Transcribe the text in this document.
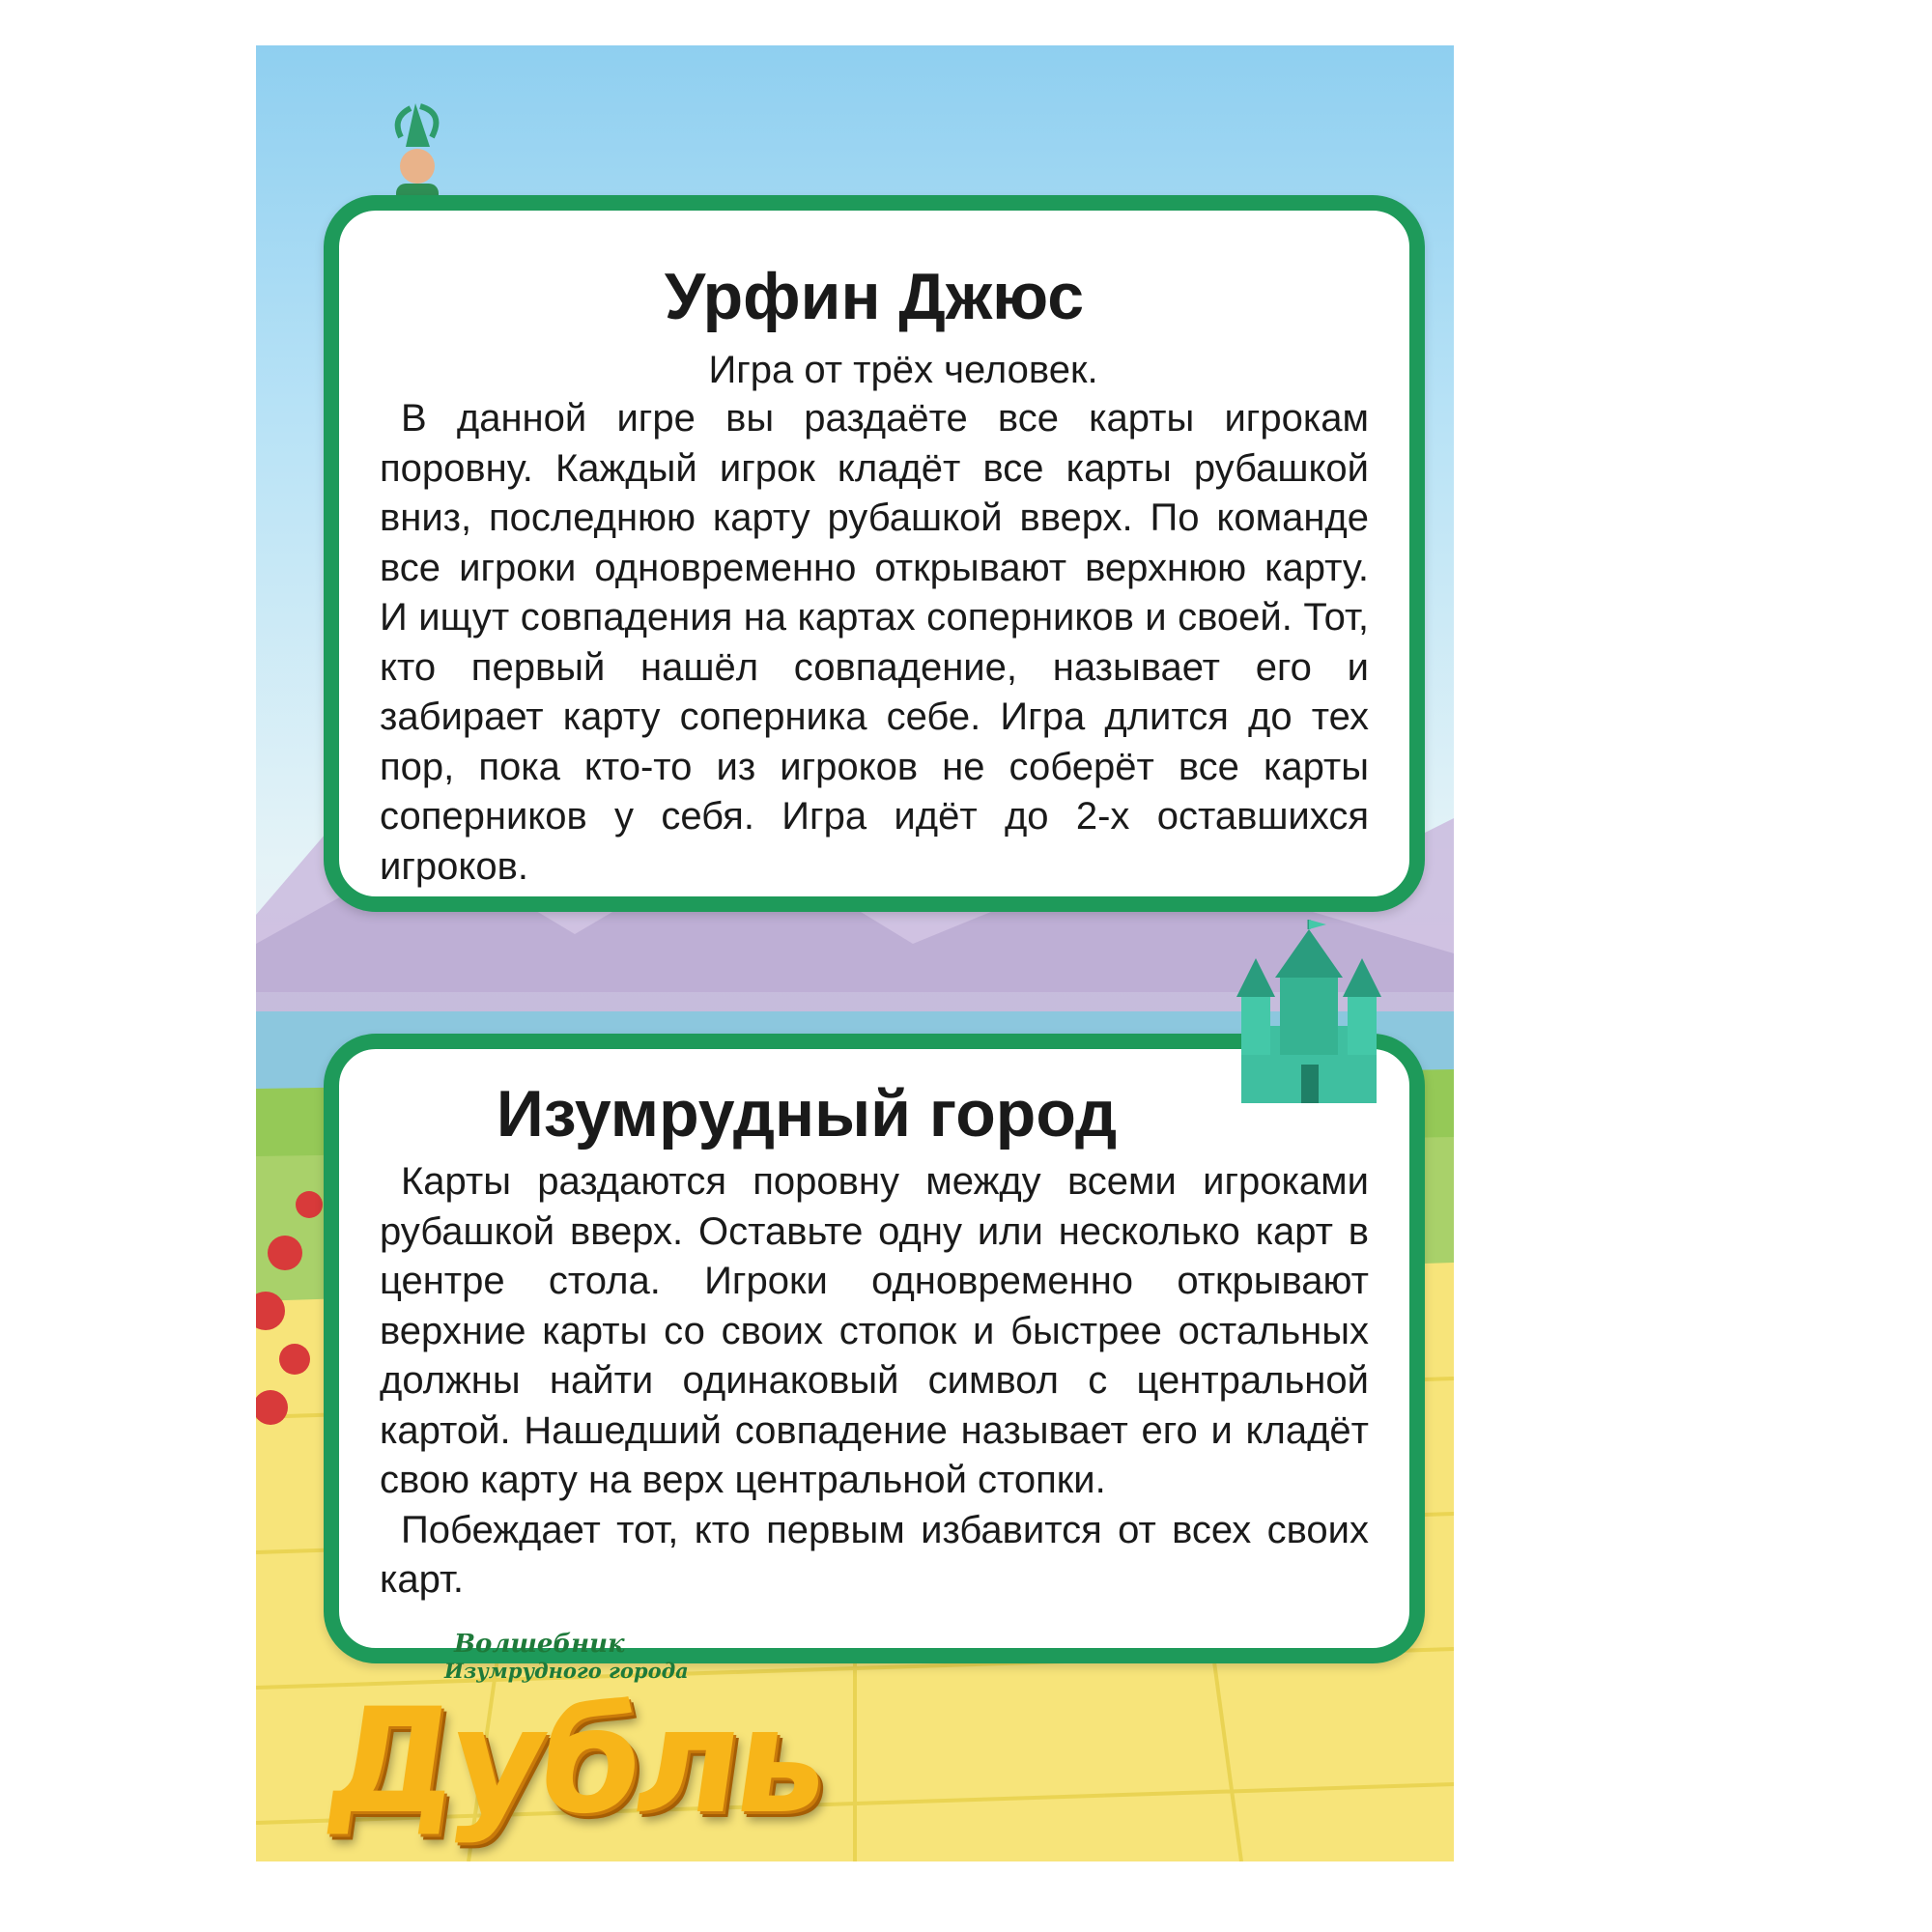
Урфин Джюс
Игра от трёх человек.

В данной игре вы раздаёте все карты игрокам поровну. Каждый игрок кладёт все карты рубашкой вниз, последнюю карту рубашкой вверх. По команде все игроки одновременно открывают верхнюю карту. И ищут совпадения на картах соперников и своей. Тот, кто первый нашёл совпадение, называет его и забирает карту соперника себе. Игра длится до тех пор, пока кто-то из игроков не соберёт все карты соперников у себя. Игра идёт до 2-х оставшихся игроков.

Изумрудный город

Карты раздаются поровну между всеми игроками рубашкой вверх. Оставьте одну или несколько карт в центре стола. Игроки одновременно открывают верхние карты со своих стопок и быстрее остальных должны найти одинаковый символ с центральной картой. Нашедший совпадение называет его и кладёт свою карту на верх центральной стопки.

Побеждает тот, кто первым избавится от всех своих карт.

Волшебник
Изумрудного города
Дубль
